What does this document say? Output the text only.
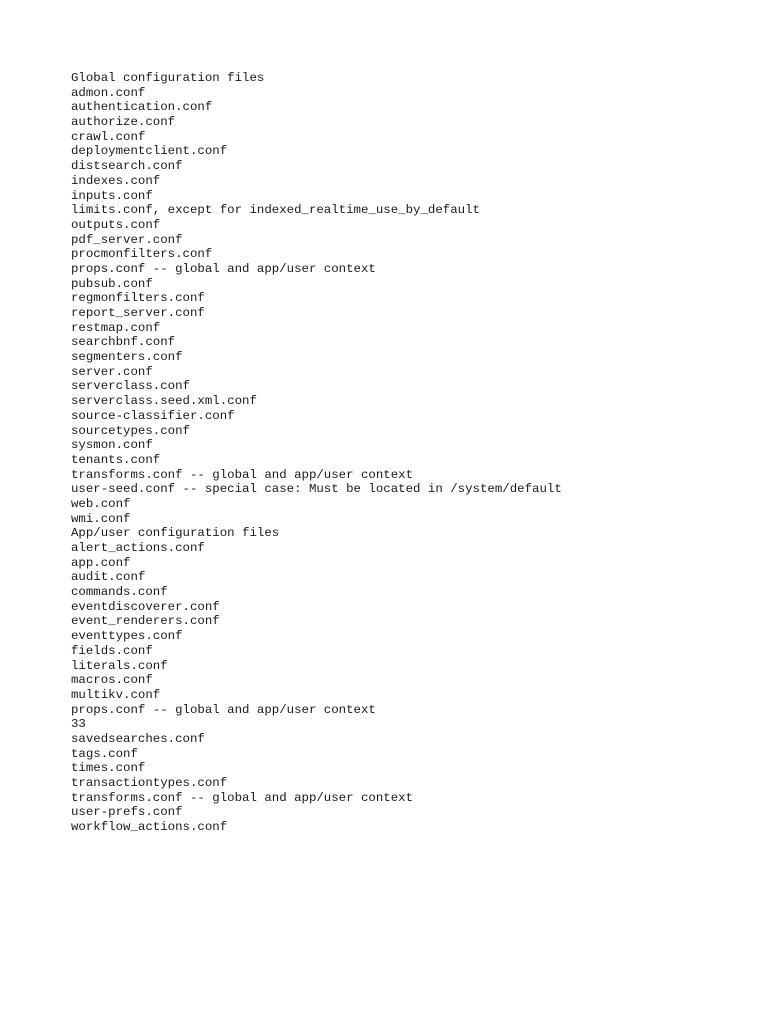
Global configuration files
admon.conf
authentication.conf
authorize.conf
crawl.conf
deploymentclient.conf
distsearch.conf
indexes.conf
inputs.conf
limits.conf, except for indexed_realtime_use_by_default
outputs.conf
pdf_server.conf
procmonfilters.conf
props.conf -- global and app/user context
pubsub.conf
regmonfilters.conf
report_server.conf
restmap.conf
searchbnf.conf
segmenters.conf
server.conf
serverclass.conf
serverclass.seed.xml.conf
source-classifier.conf
sourcetypes.conf
sysmon.conf
tenants.conf
transforms.conf -- global and app/user context
user-seed.conf -- special case: Must be located in /system/default
web.conf
wmi.conf
App/user configuration files
alert_actions.conf
app.conf
audit.conf
commands.conf
eventdiscoverer.conf
event_renderers.conf
eventtypes.conf
fields.conf
literals.conf
macros.conf
multikv.conf
props.conf -- global and app/user context
33
savedsearches.conf
tags.conf
times.conf
transactiontypes.conf
transforms.conf -- global and app/user context
user-prefs.conf
workflow_actions.conf
